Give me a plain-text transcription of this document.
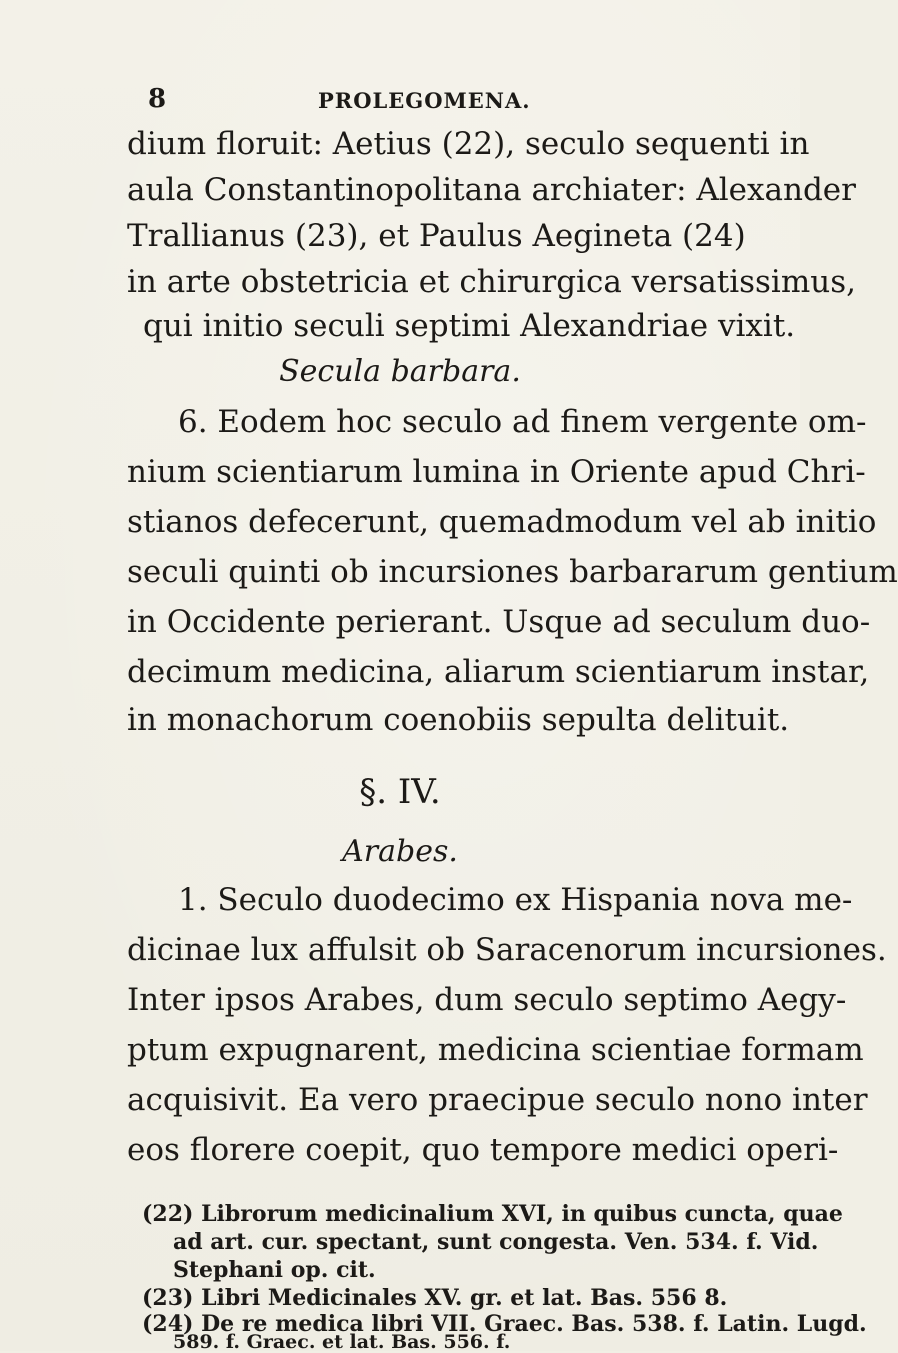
8	PROLEGOMENA.
dium floruit: Aetius (22), seculo sequenti in
aula Constantinopolitana archiater: Alexander
Trallianus (23), et Paulus Aegineta (24)
in arte obstetricia et chirurgica versatissimus,
qui initio seculi septimi Alexandriae vixit.
Secula barbara.
6. Eodem hoc seculo ad finem vergente om-
nium scientiarum lumina in Oriente apud Chri-
stianos defecerunt, quemadmodum vel ab initio
seculi quinti ob incursiones barbararum gentium
in Occidente perierant. Usque ad seculum duo-
decimum medicina, aliarum scientiarum instar,
in monachorum coenobiis sepulta delituit.
§. IV.
Arabes.
1. Seculo duodecimo ex Hispania nova me-
dicinae lux affulsit ob Saracenorum incursiones.
Inter ipsos Arabes, dum seculo septimo Aegy-
ptum expugnarent, medicina scientiae formam
acquisivit. Ea vero praecipue seculo nono inter
eos florere coepit, quo tempore medici operi-
(22) Librorum medicinalium XVI, in quibus cuncta, quae
ad art. cur. spectant, sunt congesta. Ven. 534. f. Vid.
Stephani op. cit.
(23) Libri Medicinales XV. gr. et lat. Bas. 556 8.
(24) De re medica libri VII. Graec. Bas. 538. f. Latin. Lugd.
589. f. Graec. et lat. Bas. 556. f.
